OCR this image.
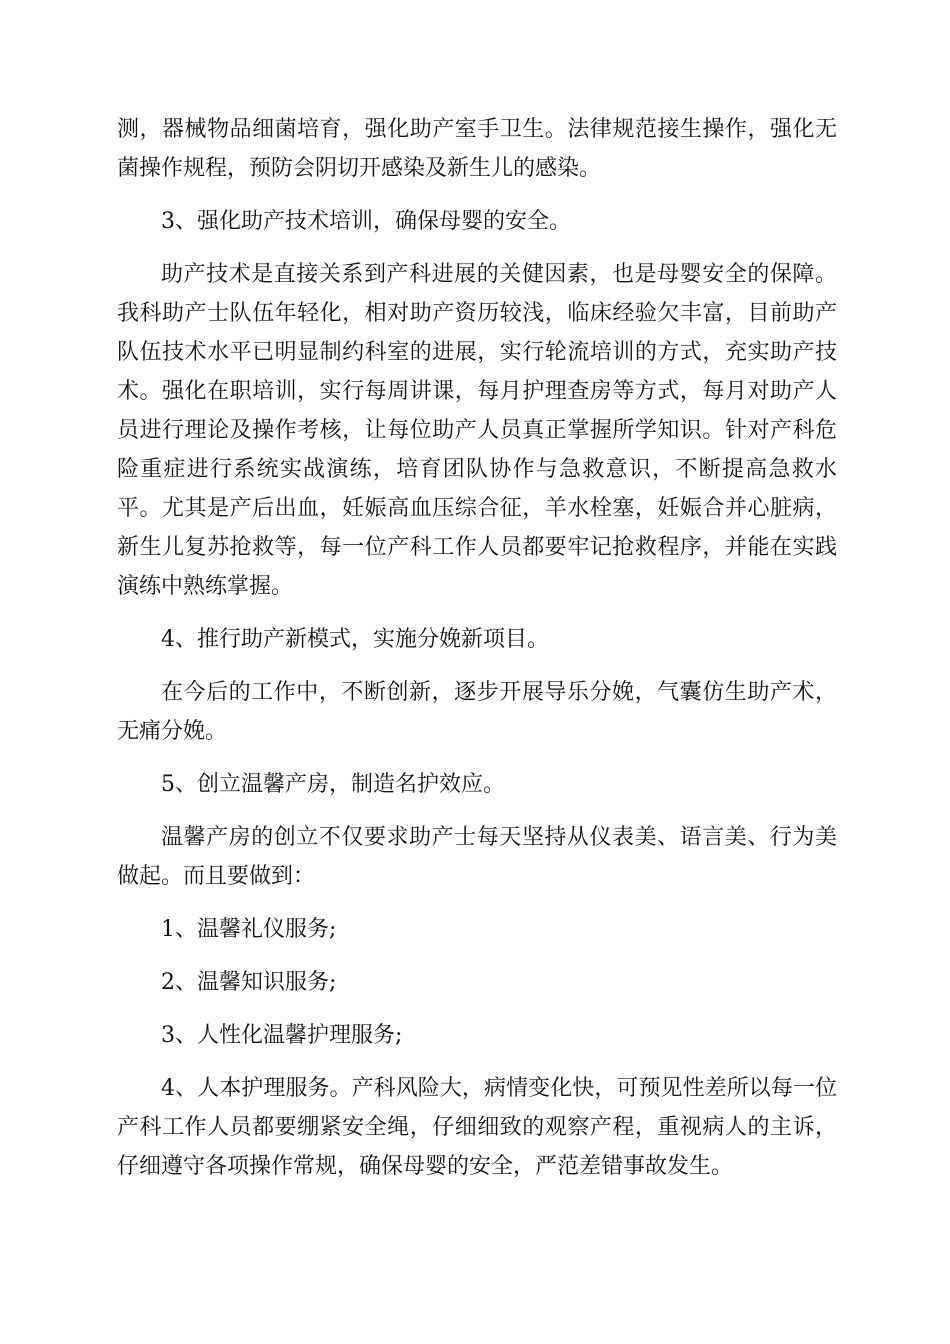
测，器械物品细菌培育，强化助产室手卫生。法律规范接生操作，强化无菌操作规程，预防会阴切开感染及新生儿的感染。

3、强化助产技术培训，确保母婴的安全。

助产技术是直接关系到产科进展的关健因素，也是母婴安全的保障。我科助产士队伍年轻化，相对助产资历较浅，临床经验欠丰富，目前助产队伍技术水平已明显制约科室的进展，实行轮流培训的方式，充实助产技术。强化在职培训，实行每周讲课，每月护理查房等方式，每月对助产人员进行理论及操作考核，让每位助产人员真正掌握所学知识。针对产科危险重症进行系统实战演练，培育团队协作与急救意识，不断提高急救水平。尤其是产后出血，妊娠高血压综合征，羊水栓塞，妊娠合并心脏病，新生儿复苏抢救等，每一位产科工作人员都要牢记抢救程序，并能在实践演练中熟练掌握。

4、推行助产新模式，实施分娩新项目。

在今后的工作中，不断创新，逐步开展导乐分娩，气囊仿生助产术，无痛分娩。

5、创立温馨产房，制造名护效应。

温馨产房的创立不仅要求助产士每天坚持从仪表美、语言美、行为美做起。而且要做到：

1、温馨礼仪服务;

2、温馨知识服务;

3、人性化温馨护理服务;

4、人本护理服务。产科风险大，病情变化快，可预见性差所以每一位产科工作人员都要绷紧安全绳，仔细细致的观察产程，重视病人的主诉，仔细遵守各项操作常规，确保母婴的安全，严范差错事故发生。
